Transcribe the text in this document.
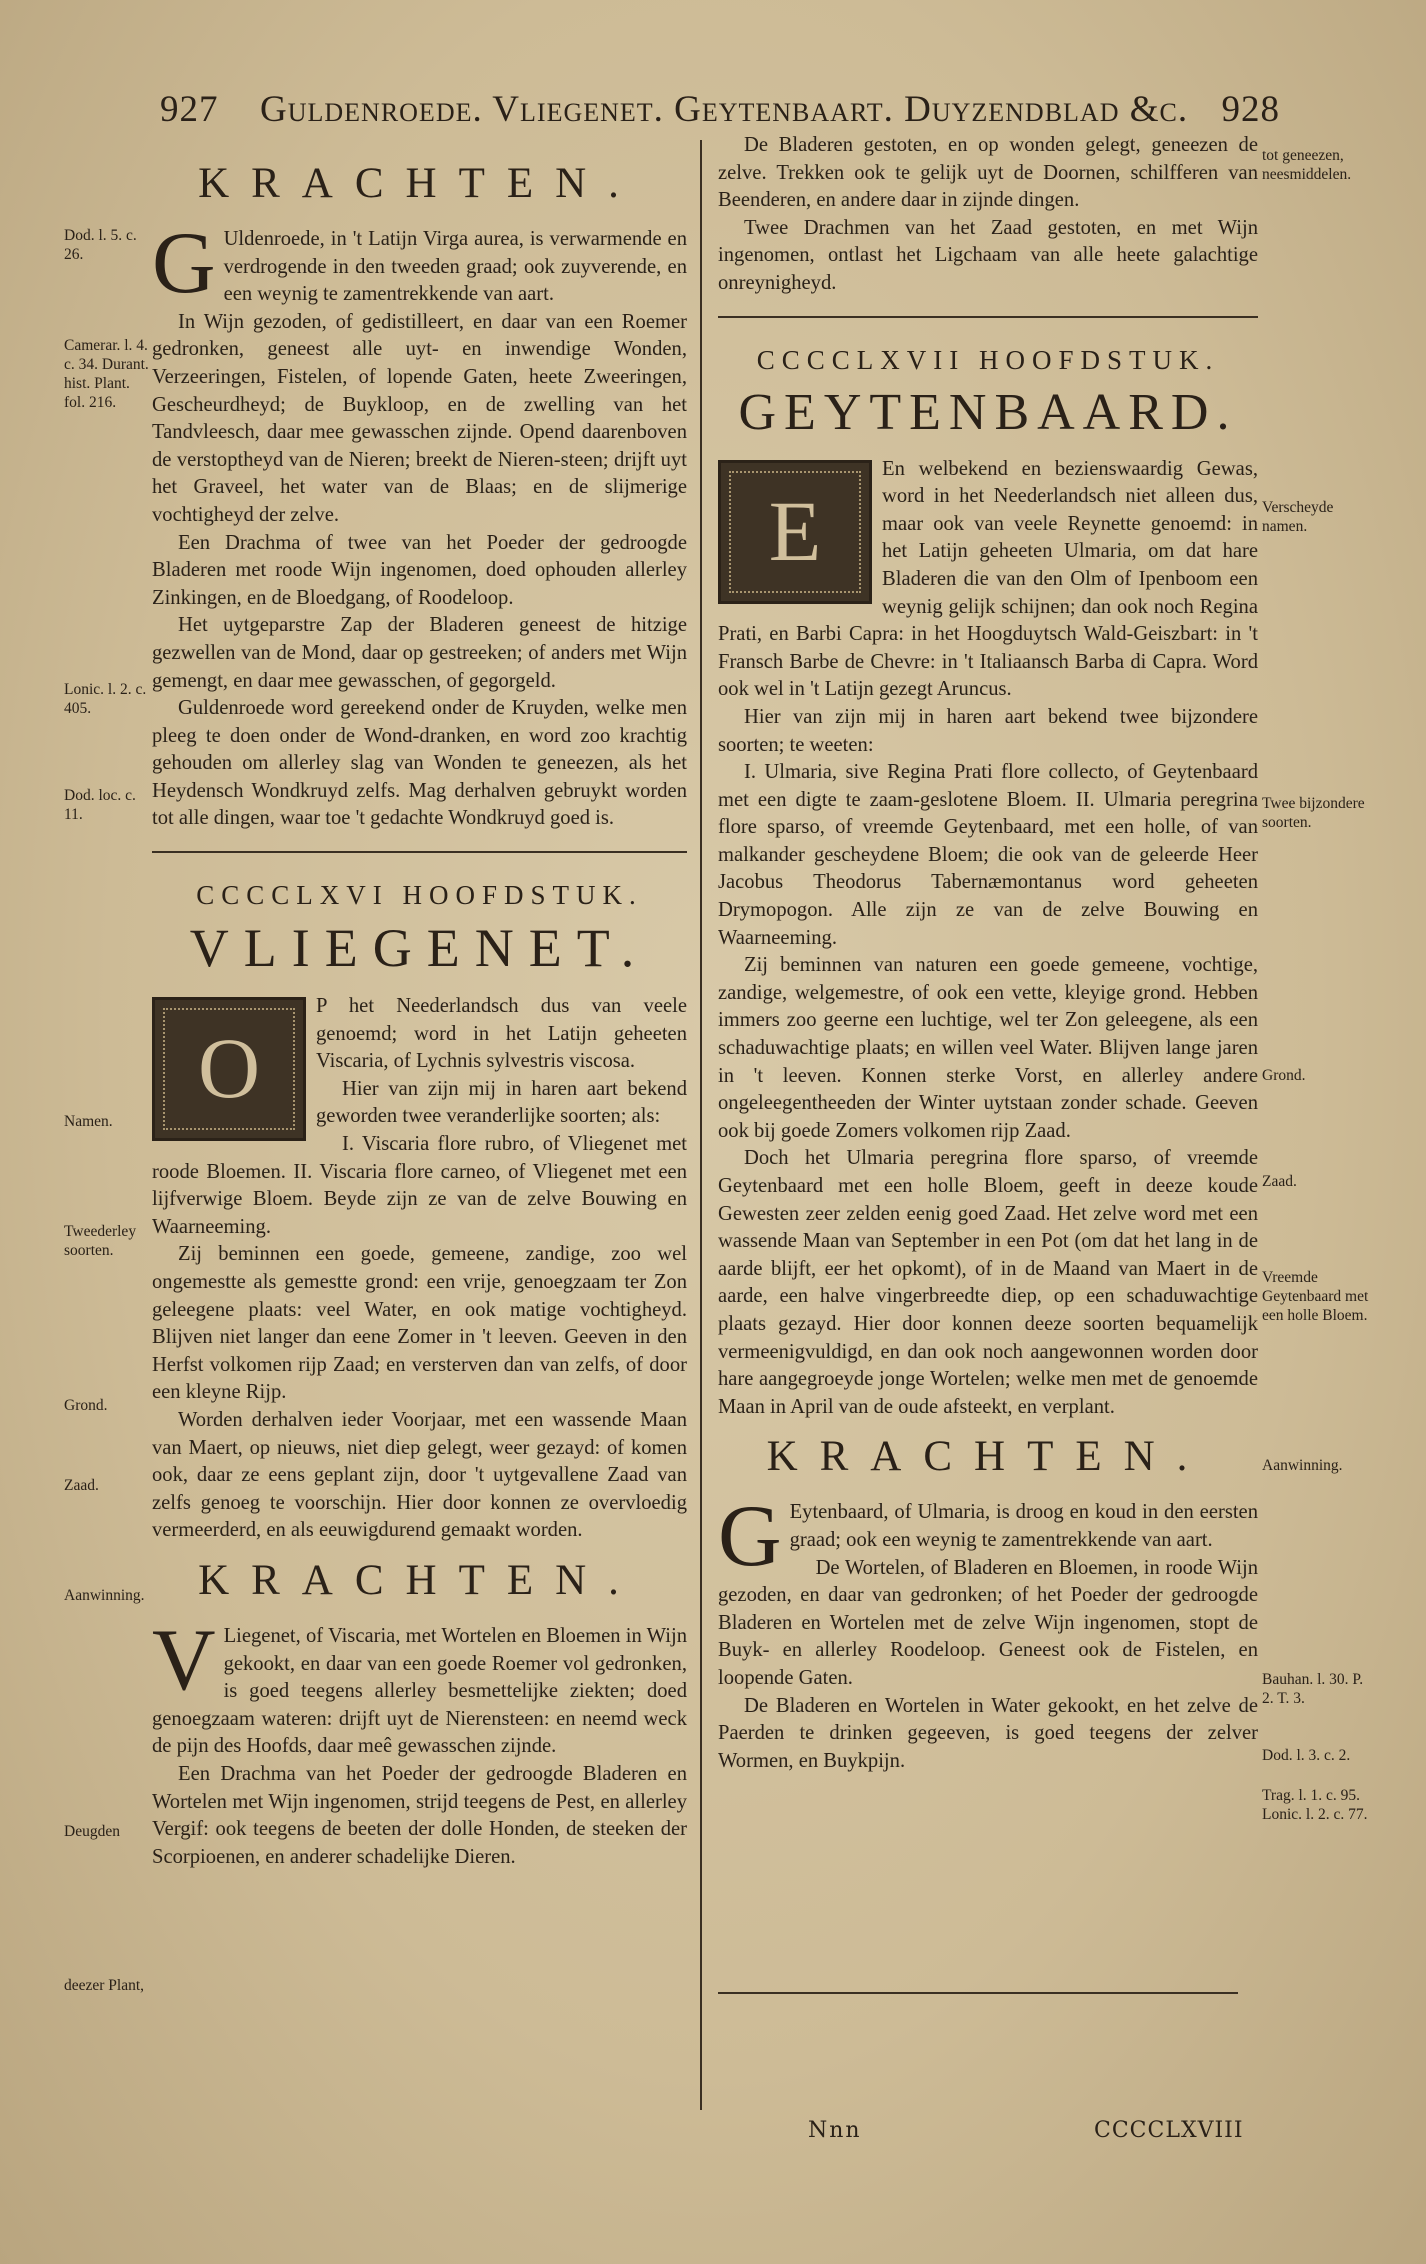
927 Guldenroede. Vliegenet. Geytenbaart. Duyzendblad &c. 928
KRACHTEN.

G Uldenroede, in 't Latijn Virga aurea, is verwarmende en verdrogende in den tweeden graad; ook zuyverende, en een weynig te zamentrekkende van aart.

In Wijn gezoden, of gedistilleert, en daar van een Roemer gedronken, geneest alle uyt- en inwendige Wonden, Verzeeringen, Fistelen, of lopende Gaten, heete Zweeringen, Gescheurdheyd; de Buykloop, en de zwelling van het Tandvleesch, daar mee gewasschen zijnde. Opend daarenboven de verstoptheyd van de Nieren; breekt de Nieren-steen; drijft uyt het Graveel, het water van de Blaas; en de slijmerige vochtigheyd der zelve.

Een Drachma of twee van het Poeder der gedroogde Bladeren met roode Wijn ingenomen, doed ophouden allerley Zinkingen, en de Bloedgang, of Roodeloop.

Het uytgeparstre Zap der Bladeren geneest de hitzige gezwellen van de Mond, daar op gestreeken; of anders met Wijn gemengt, en daar mee gewasschen, of gegorgeld.

Guldenroede word gereekend onder de Kruyden, welke men pleeg te doen onder de Wond-dranken, en word zoo krachtig gehouden om allerley slag van Wonden te geneezen, als het Heydensch Wondkruyd zelfs. Mag derhalven gebruykt worden tot alle dingen, waar toe 't gedachte Wondkruyd goed is.

CCCCLXVI HOOFDSTUK.
VLIEGENET.

O
P het Neederlandsch dus van veele genoemd; word in het Latijn geheeten Viscaria, of Lychnis sylvestris viscosa.

Hier van zijn mij in haren aart bekend geworden twee veranderlijke soorten; als:

I. Viscaria flore rubro, of Vliegenet met roode Bloemen. II. Viscaria flore carneo, of Vliegenet met een lijfverwige Bloem. Beyde zijn ze van de zelve Bouwing en Waarneeming.

Zij beminnen een goede, gemeene, zandige, zoo wel ongemestte als gemestte grond: een vrije, genoegzaam ter Zon geleegene plaats: veel Water, en ook matige vochtigheyd. Blijven niet langer dan eene Zomer in 't leeven. Geeven in den Herfst volkomen rijp Zaad; en versterven dan van zelfs, of door een kleyne Rijp.

Worden derhalven ieder Voorjaar, met een wassende Maan van Maert, op nieuws, niet diep gelegt, weer gezayd: of komen ook, daar ze eens geplant zijn, door 't uytgevallene Zaad van zelfs genoeg te voorschijn. Hier door konnen ze overvloedig vermeerderd, en als eeuwigdurend gemaakt worden.

KRACHTEN.

V Liegenet, of Viscaria, met Wortelen en Bloemen in Wijn gekookt, en daar van een goede Roemer vol gedronken, is goed teegens allerley besmettelijke ziekten; doed genoegzaam wateren: drijft uyt de Nierensteen: en neemd weck de pijn des Hoofds, daar meê gewasschen zijnde.

Een Drachma van het Poeder der gedroogde Bladeren en Wortelen met Wijn ingenomen, strijd teegens de Pest, en allerley Vergif: ook teegens de beeten der dolle Honden, de steeken der Scorpioenen, en anderer schadelijke Dieren.

Dod. l. 5. c. 26.
Camerar. l. 4. c. 34. Durant. hist. Plant. fol. 216.
Lonic. l. 2. c. 405.
Dod. loc. c. 11.
Namen.
Tweederley soorten.
Grond.
Zaad.
Aanwinning.
Deugden
deezer Plant,

De Bladeren gestoten, en op wonden gelegt, geneezen de zelve. Trekken ook te gelijk uyt de Doornen, schilfferen van Beenderen, en andere daar in zijnde dingen.

Twee Drachmen van het Zaad gestoten, en met Wijn ingenomen, ontlast het Ligchaam van alle heete galachtige onreynigheyd.

CCCCLXVII HOOFDSTUK.
GEYTENBAARD.

E
En welbekend en bezienswaardig Gewas, word in het Neederlandsch niet alleen dus, maar ook van veele Reynette genoemd: in het Latijn geheeten Ulmaria, om dat hare Bladeren die van den Olm of Ipenboom een weynig gelijk schijnen; dan ook noch Regina Prati, en Barbi Capra: in het Hoogduytsch Wald-Geiszbart: in 't Fransch Barbe de Chevre: in 't Italiaansch Barba di Capra. Word ook wel in 't Latijn gezegt Aruncus.

Hier van zijn mij in haren aart bekend twee bijzondere soorten; te weeten:

I. Ulmaria, sive Regina Prati flore collecto, of Geytenbaard met een digte te zaam-geslotene Bloem. II. Ulmaria peregrina flore sparso, of vreemde Geytenbaard, met een holle, of van malkander gescheydene Bloem; die ook van de geleerde Heer Jacobus Theodorus Tabernæmontanus word geheeten Drymopogon. Alle zijn ze van de zelve Bouwing en Waarneeming.

Zij beminnen van naturen een goede gemeene, vochtige, zandige, welgemestre, of ook een vette, kleyige grond. Hebben immers zoo geerne een luchtige, wel ter Zon geleegene, als een schaduwachtige plaats; en willen veel Water. Blijven lange jaren in 't leeven. Konnen sterke Vorst, en allerley andere ongeleegentheeden der Winter uytstaan zonder schade. Geeven ook bij goede Zomers volkomen rijp Zaad.

Doch het Ulmaria peregrina flore sparso, of vreemde Geytenbaard met een holle Bloem, geeft in deeze koude Gewesten zeer zelden eenig goed Zaad. Het zelve word met een wassende Maan van September in een Pot (om dat het lang in de aarde blijft, eer het opkomt), of in de Maand van Maert in de aarde, een halve vingerbreedte diep, op een schaduwachtige plaats gezayd. Hier door konnen deeze soorten bequamelijk vermeenigvuldigd, en dan ook noch aangewonnen worden door hare aangegroeyde jonge Wortelen; welke men met de genoemde Maan in April van de oude afsteekt, en verplant.

KRACHTEN.

G Eytenbaard, of Ulmaria, is droog en koud in den eersten graad; ook een weynig te zamentrekkende van aart.

De Wortelen, of Bladeren en Bloemen, in roode Wijn gezoden, en daar van gedronken; of het Poeder der gedroogde Bladeren en Wortelen met de zelve Wijn ingenomen, stopt de Buyk- en allerley Roodeloop. Geneest ook de Fistelen, en loopende Gaten.

De Bladeren en Wortelen in Water gekookt, en het zelve de Paerden te drinken gegeeven, is goed teegens der zelver Wormen, en Buykpijn.

tot geneezen, neesmiddelen.
Verscheyde namen.
Twee bijzondere soorten.
Grond.
Zaad.
Vreemde Geytenbaard met een holle Bloem.
Aanwinning.
Bauhan. l. 30. P. 2. T. 3.
Dod. l. 3. c. 2.
Trag. l. 1. c. 95. Lonic. l. 2. c. 77.
Nnn	CCCCLXVIII
